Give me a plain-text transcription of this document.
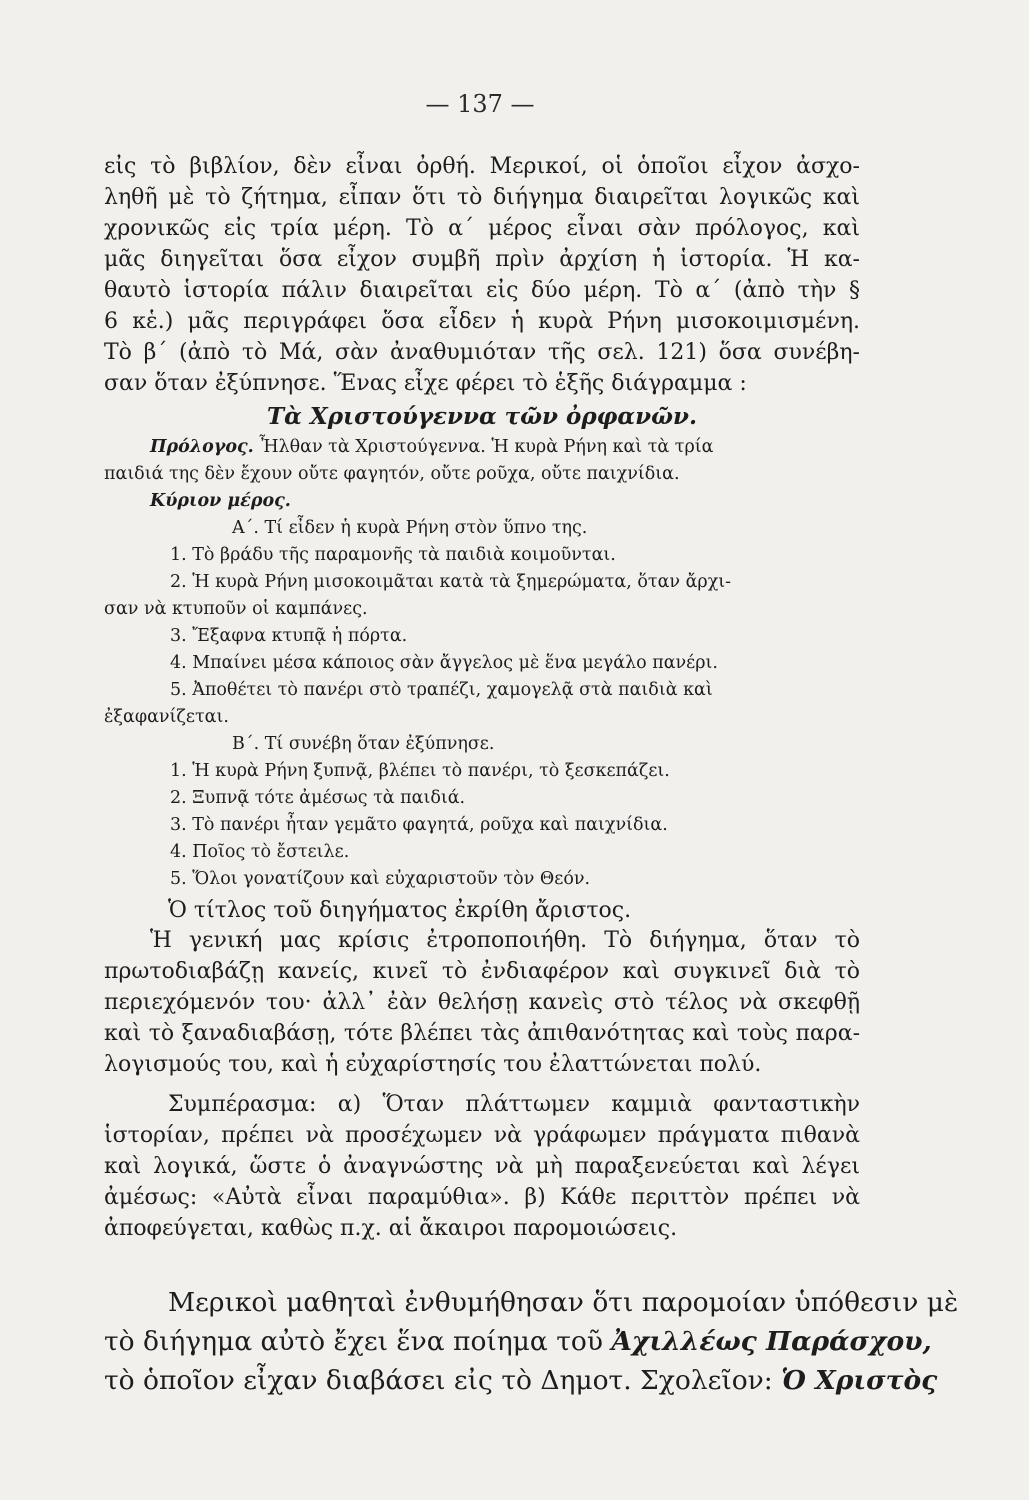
— 137 —
εἰς τὸ βιβλίον, δὲν εἶναι ὀρθή. Μερικοί, οἱ ὁποῖοι εἶχον ἀσχο-
ληθῆ μὲ τὸ ζήτημα, εἶπαν ὅτι τὸ διήγημα διαιρεῖται λογικῶς καὶ
χρονικῶς εἰς τρία μέρη. Τὸ α΄ μέρος εἶναι σὰν πρόλογος, καὶ
μᾶς διηγεῖται ὅσα εἶχον συμβῆ πρὶν ἀρχίση ἡ ἱστορία. Ἡ κα-
θαυτὸ ἱστορία πάλιν διαιρεῖται εἰς δύο μέρη. Τὸ α΄ (ἀπὸ τὴν §
6 κἑ.) μᾶς περιγράφει ὅσα εἶδεν ἡ κυρὰ Ρήνη μισοκοιμισμένη.
Τὸ β΄ (ἀπὸ τὸ Μά, σὰν ἀναθυμιόταν τῆς σελ. 121) ὅσα συνέβη-
σαν ὅταν ἐξύπνησε. Ἕνας εἶχε φέρει τὸ ἑξῆς διάγραμμα :
Τὰ Χριστούγεννα τῶν ὀρφανῶν.
Πρόλογος. Ἦλθαν τὰ Χριστούγεννα. Ἡ κυρὰ Ρήνη καὶ τὰ τρία
παιδιά της δὲν ἔχουν οὔτε φαγητόν, οὔτε ροῦχα, οὔτε παιχνίδια.
Κύριον μέρος.
Α΄. Τί εἶδεν ἡ κυρὰ Ρήνη στὸν ὕπνο της.
1. Τὸ βράδυ τῆς παραμονῆς τὰ παιδιὰ κοιμοῦνται.
2. Ἡ κυρὰ Ρήνη μισοκοιμᾶται κατὰ τὰ ξημερώματα, ὅταν ἄρχι-
σαν νὰ κτυποῦν οἱ καμπάνες.
3. Ἔξαφνα κτυπᾷ ἡ πόρτα.
4. Μπαίνει μέσα κάποιος σὰν ἄγγελος μὲ ἕνα μεγάλο πανέρι.
5. Ἀποθέτει τὸ πανέρι στὸ τραπέζι, χαμογελᾷ στὰ παιδιὰ καὶ
ἐξαφανίζεται.
Β΄. Τί συνέβη ὅταν ἐξύπνησε.
1. Ἡ κυρὰ Ρήνη ξυπνᾷ, βλέπει τὸ πανέρι, τὸ ξεσκεπάζει.
2. Ξυπνᾷ τότε ἀμέσως τὰ παιδιά.
3. Τὸ πανέρι ἦταν γεμᾶτο φαγητά, ροῦχα καὶ παιχνίδια.
4. Ποῖος τὸ ἔστειλε.
5. Ὅλοι γονατίζουν καὶ εὐχαριστοῦν τὸν Θεόν.
Ὁ τίτλος τοῦ διηγήματος ἐκρίθη ἄριστος.
Ἡ γενική μας κρίσις ἐτροποποιήθη. Τὸ διήγημα, ὅταν τὸ
πρωτοδιαβάζῃ κανείς, κινεῖ τὸ ἐνδιαφέρον καὶ συγκινεῖ διὰ τὸ
περιεχόμενόν του· ἀλλ᾽ ἐὰν θελήσῃ κανεὶς στὸ τέλος νὰ σκεφθῇ
καὶ τὸ ξαναδιαβάσῃ, τότε βλέπει τὰς ἀπιθανότητας καὶ τοὺς παρα-
λογισμούς του, καὶ ἡ εὐχαρίστησίς του ἐλαττώνεται πολύ.
Συμπέρασμα: α) Ὅταν πλάττωμεν καμμιὰ φανταστικὴν
ἱστορίαν, πρέπει νὰ προσέχωμεν νὰ γράφωμεν πράγματα πιθανὰ
καὶ λογικά, ὥστε ὁ ἀναγνώστης νὰ μὴ παραξενεύεται καὶ λέγει
ἀμέσως: «Αὐτὰ εἶναι παραμύθια». β) Κάθε περιττὸν πρέπει νὰ
ἀποφεύγεται, καθὼς π.χ. αἱ ἄκαιροι παρομοιώσεις.
Μερικοὶ μαθηταὶ ἐνθυμήθησαν ὅτι παρομοίαν ὑπόθεσιν μὲ
τὸ διήγημα αὐτὸ ἔχει ἕνα ποίημα τοῦ Ἀχιλλέως Παράσχου,
τὸ ὁποῖον εἶχαν διαβάσει εἰς τὸ Δημοτ. Σχολεῖον: Ὁ Χριστὸς
